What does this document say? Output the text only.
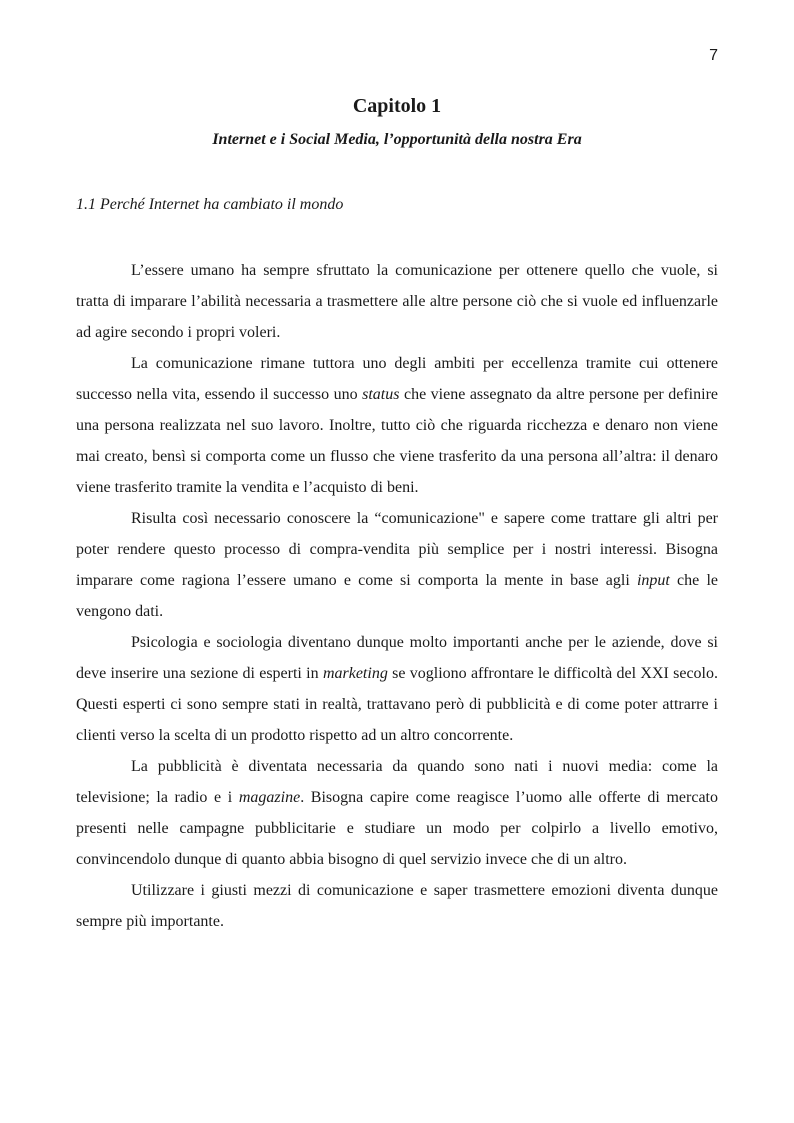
7
Capitolo 1
Internet e i Social Media, l’opportunità della nostra Era
1.1 Perché Internet ha cambiato il mondo

L’essere umano ha sempre sfruttato la comunicazione per ottenere quello che vuole, si tratta di imparare l’abilità necessaria a trasmettere alle altre persone ciò che si vuole ed influenzarle ad agire secondo i propri voleri.

La comunicazione rimane tuttora uno degli ambiti per eccellenza tramite cui ottenere successo nella vita, essendo il successo uno status che viene assegnato da altre persone per definire una persona realizzata nel suo lavoro. Inoltre, tutto ciò che riguarda ricchezza e denaro non viene mai creato, bensì si comporta come un flusso che viene trasferito da una persona all’altra: il denaro viene trasferito tramite la vendita e l’acquisto di beni.

Risulta così necessario conoscere la “comunicazione" e sapere come trattare gli altri per poter rendere questo processo di compra-vendita più semplice per i nostri interessi. Bisogna imparare come ragiona l’essere umano e come si comporta la mente in base agli input che le vengono dati.

Psicologia e sociologia diventano dunque molto importanti anche per le aziende, dove si deve inserire una sezione di esperti in marketing se vogliono affrontare le difficoltà del XXI secolo. Questi esperti ci sono sempre stati in realtà, trattavano però di pubblicità e di come poter attrarre i clienti verso la scelta di un prodotto rispetto ad un altro concorrente.

La pubblicità è diventata necessaria da quando sono nati i nuovi media: come la televisione; la radio e i magazine. Bisogna capire come reagisce l’uomo alle offerte di mercato presenti nelle campagne pubblicitarie e studiare un modo per colpirlo a livello emotivo, convincendolo dunque di quanto abbia bisogno di quel servizio invece che di un altro.

Utilizzare i giusti mezzi di comunicazione e saper trasmettere emozioni diventa dunque sempre più importante.
